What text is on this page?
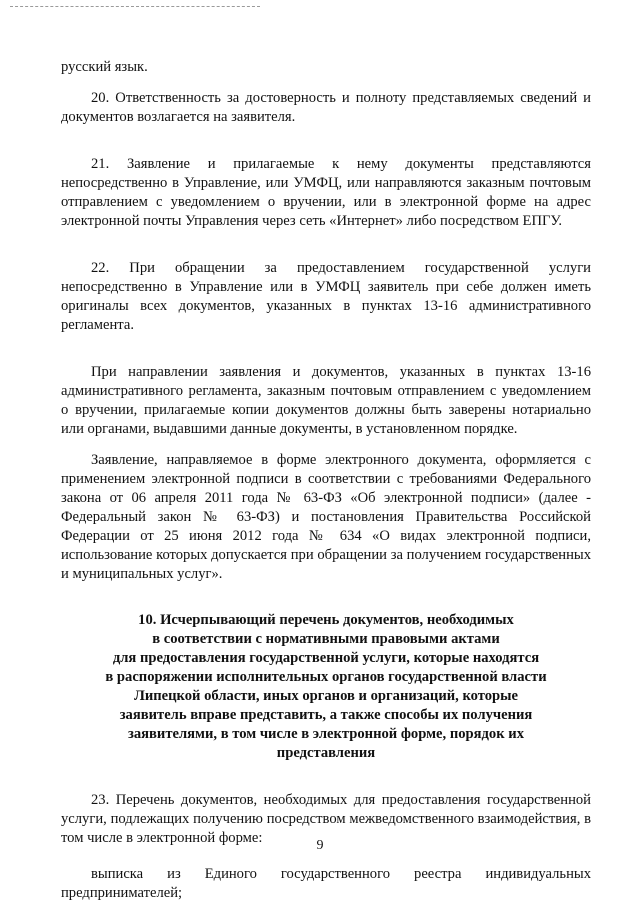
русский язык.

20. Ответственность за достоверность и полноту представляемых сведений и документов возлагается на заявителя.

21. Заявление и прилагаемые к нему документы представляются непосредственно в Управление, или УМФЦ, или направляются заказным почтовым отправлением с уведомлением о вручении, или в электронной форме на адрес электронной почты Управления через сеть «Интернет» либо посредством ЕПГУ.

22. При обращении за предоставлением государственной услуги непосредственно в Управление или в УМФЦ заявитель при себе должен иметь оригиналы всех документов, указанных в пунктах 13-16 административного регламента.

При направлении заявления и документов, указанных в пунктах 13-16 административного регламента, заказным почтовым отправлением с уведомлением о вручении, прилагаемые копии документов должны быть заверены нотариально или органами, выдавшими данные документы, в установленном порядке.

Заявление, направляемое в форме электронного документа, оформляется с применением электронной подписи в соответствии с требованиями Федерального закона от 06 апреля 2011 года № 63-ФЗ «Об электронной подписи» (далее - Федеральный закон № 63-ФЗ) и постановления Правительства Российской Федерации от 25 июня 2012 года № 634 «О видах электронной подписи, использование которых допускается при обращении за получением государственных и муниципальных услуг».

10. Исчерпывающий перечень документов, необходимых
в соответствии с нормативными правовыми актами
для предоставления государственной услуги, которые находятся
в распоряжении исполнительных органов государственной власти
Липецкой области, иных органов и организаций, которые
заявитель вправе представить, а также способы их получения
заявителями, в том числе в электронной форме, порядок их
представления

23. Перечень документов, необходимых для предоставления государственной услуги, подлежащих получению посредством межведомственного взаимодействия, в том числе в электронной форме:

выписка из Единого государственного реестра индивидуальных предпринимателей;

9
